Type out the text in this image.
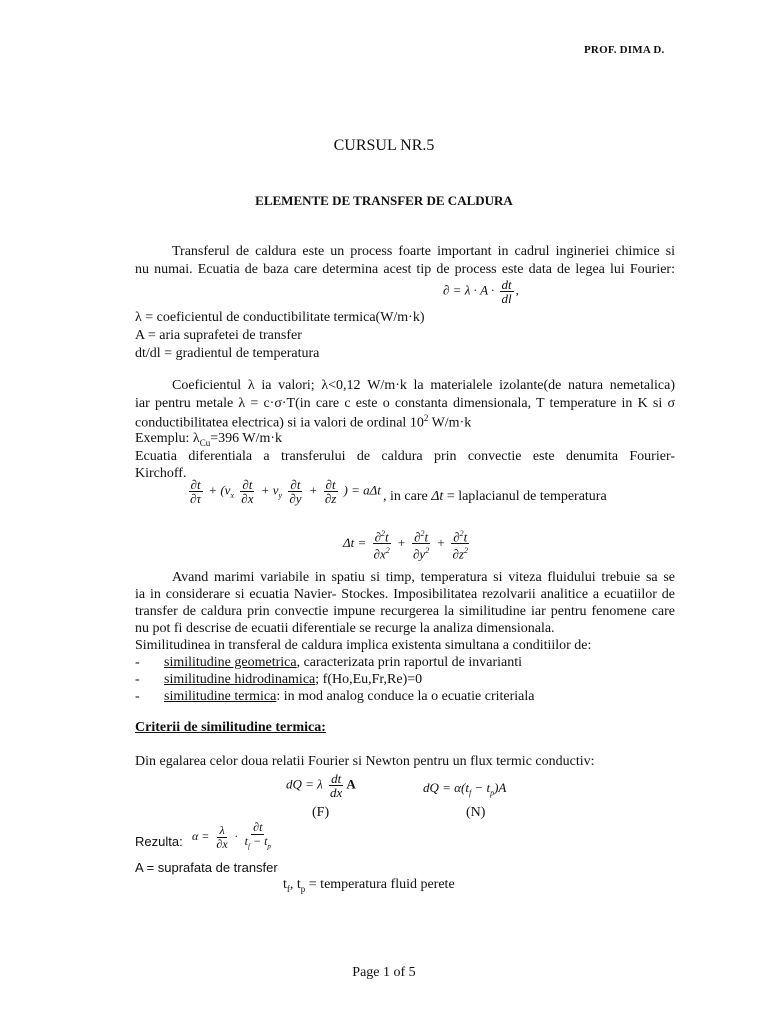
PROF. DIMA D.
CURSUL NR.5
ELEMENTE DE TRANSFER DE CALDURA
Transferul de caldura este un process foarte important in cadrul ingineriei chimice si
nu numai. Ecuatia de baza care determina acest tip de process este data de legea lui Fourier:
∂ = $\lambda \cdot A \cdot \frac{dt}{dl}$ ,
λ = coeficientul de conductibilitate termica(W/m·k)
A = aria suprafetei de transfer
dt/dl = gradientul de temperatura
Coeficientul λ ia valori; λ<0,12 W/m·k la materialele izolante(de natura nemetalica)
iar pentru metale λ = c·σ·T(in care c este o constanta dimensionala, T temperature in K si σ
conductibilitatea electrica) si ia valori de ordinal $10^2$ W/m·k
Exemplu: $\lambda_{Cu}=396$ W/m·k
Ecuatia diferentiala a transferului de caldura prin convectie este denumita Fourier-
Kirchoff.
$\frac{\partial t}{\partial\tau} + (v_x \frac{\partial t}{\partial x} + v_y \frac{\partial t}{\partial y} + \frac{\partial t}{\partial z}$ ) = aΔt , in care Δt = laplacianul de temperatura
$\Delta t = \frac{\partial^2t}{\partial x^2} + \frac{\partial^2t}{\partial y^2} + \frac{\partial^2t}{\partial z^2}$
Avand marimi variabile in spatiu si timp, temperatura si viteza fluidului trebuie sa se
ia in considerare si ecuatia Navier- Stockes. Imposibilitatea rezolvarii analitice a ecuatiilor de
transfer de caldura prin convectie impune recurgerea la similitudine iar pentru fenomene care
nu pot fi descrise de ecuatii diferentiale se recurge la analiza dimensionala.
Similitudinea in transferal de caldura implica existenta simultana a conditiilor de:
- similitudine geometrica, caracterizata prin raportul de invarianti
- similitudine hidrodinamica; f(Ho,Eu,Fr,Re)=0
- similitudine termica: in mod analog conduce la o ecuatie criteriala
Criterii de similitudine termica:
Din egalarea celor doua relatii Fourier si Newton pentru un flux termic conductiv:
dQ = λ $\frac{dt}{dx}$ A	dQ = $\alpha(t_f - t_p)A$
(F)	(N)
Rezulta: $\alpha = \frac{\lambda}{\partial x} \cdot \frac{\partial t}{t_f - t_p}$
A = suprafata de transfer
$t_f$, $t_p$ = temperatura fluid perete
Page 1 of 5
